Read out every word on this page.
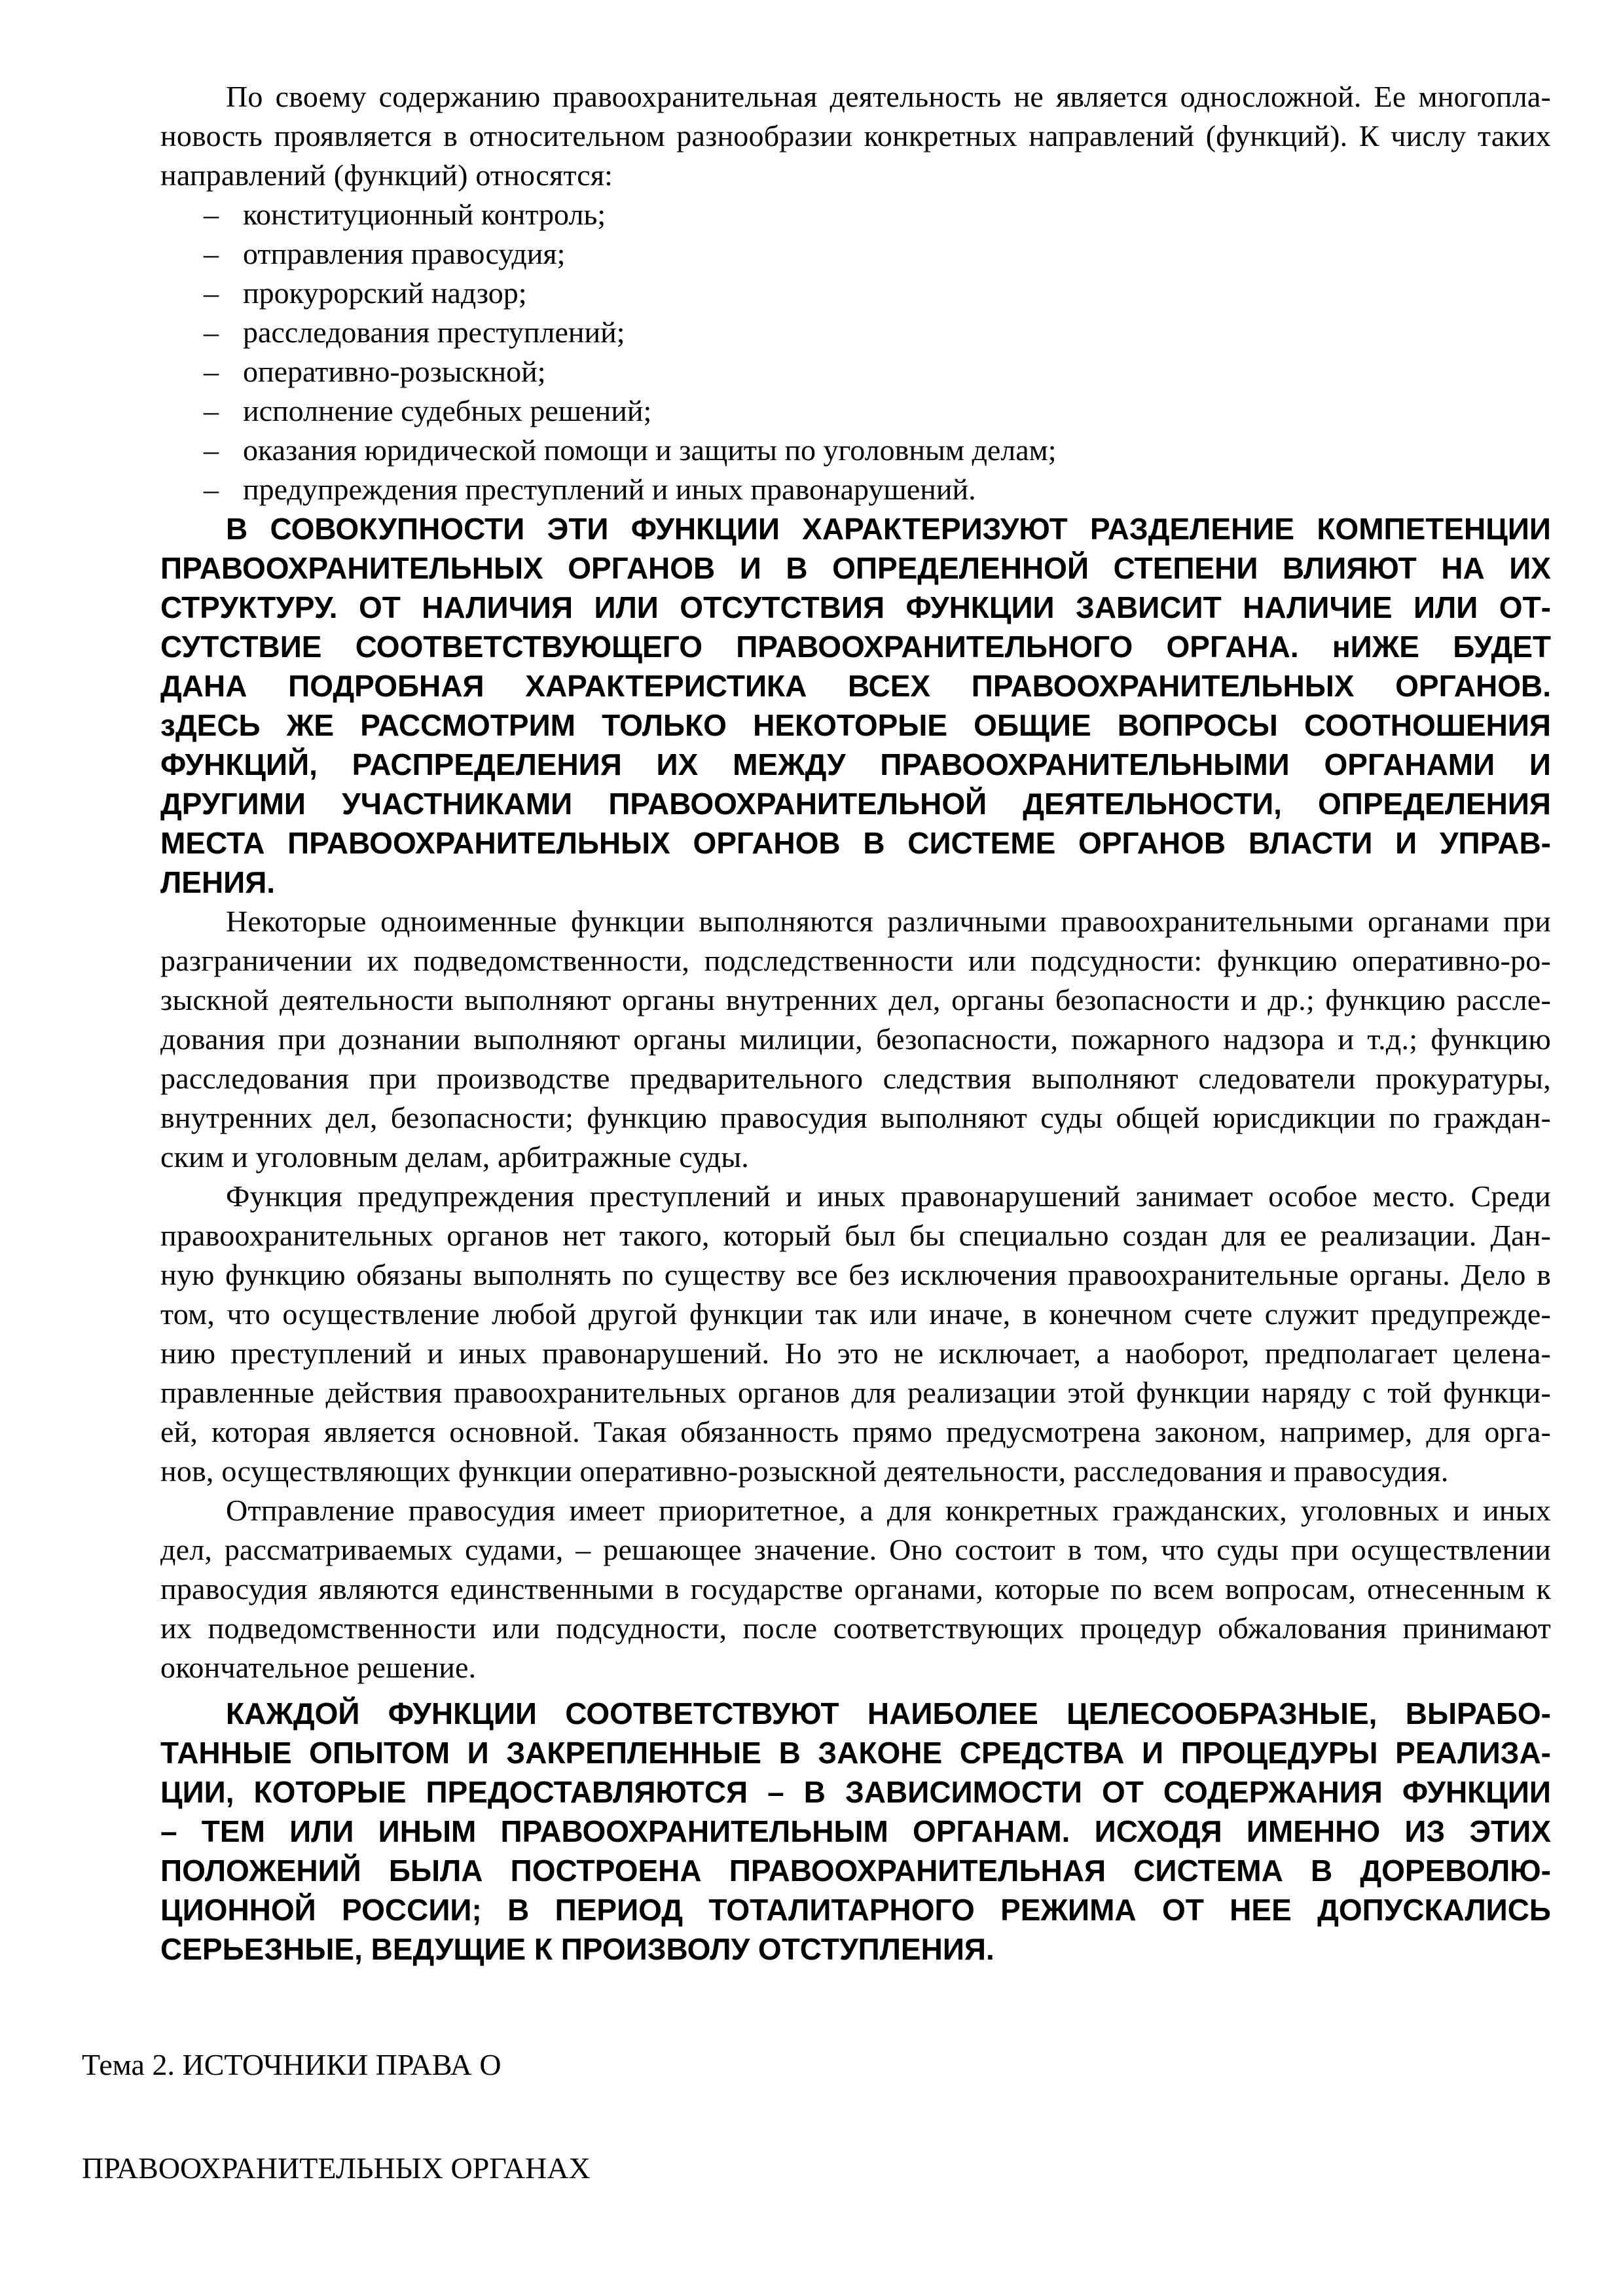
По своему содержанию правоохранительная деятельность не является односложной. Ее многопла-
новость проявляется в относительном разнообразии конкретных направлений (функций). К числу таких
направлений (функций) относятся:
– конституционный контроль;
– отправления правосудия;
– прокурорский надзор;
– расследования преступлений;
– оперативно-розыскной;
– исполнение судебных решений;
– оказания юридической помощи и защиты по уголовным делам;
– предупреждения преступлений и иных правонарушений.
В СОВОКУПНОСТИ ЭТИ ФУНКЦИИ ХАРАКТЕРИЗУЮТ РАЗДЕЛЕНИЕ КОМПЕТЕНЦИИ
ПРАВООХРАНИТЕЛЬНЫХ ОРГАНОВ И В ОПРЕДЕЛЕННОЙ СТЕПЕНИ ВЛИЯЮТ НА ИХ
СТРУКТУРУ. ОТ НАЛИЧИЯ ИЛИ ОТСУТСТВИЯ ФУНКЦИИ ЗАВИСИТ НАЛИЧИЕ ИЛИ ОТ-
СУТСТВИЕ СООТВЕТСТВУЮЩЕГО ПРАВООХРАНИТЕЛЬНОГО ОРГАНА. нИЖЕ БУДЕТ
ДАНА ПОДРОБНАЯ ХАРАКТЕРИСТИКА ВСЕХ ПРАВООХРАНИТЕЛЬНЫХ ОРГАНОВ.
зДЕСЬ ЖЕ РАССМОТРИМ ТОЛЬКО НЕКОТОРЫЕ ОБЩИЕ ВОПРОСЫ СООТНОШЕНИЯ
ФУНКЦИЙ, РАСПРЕДЕЛЕНИЯ ИХ МЕЖДУ ПРАВООХРАНИТЕЛЬНЫМИ ОРГАНАМИ И
ДРУГИМИ УЧАСТНИКАМИ ПРАВООХРАНИТЕЛЬНОЙ ДЕЯТЕЛЬНОСТИ, ОПРЕДЕЛЕНИЯ
МЕСТА ПРАВООХРАНИТЕЛЬНЫХ ОРГАНОВ В СИСТЕМЕ ОРГАНОВ ВЛАСТИ И УПРАВ-
ЛЕНИЯ.
Некоторые одноименные функции выполняются различными правоохранительными органами при
разграничении их подведомственности, подследственности или подсудности: функцию оперативно-ро-
зыскной деятельности выполняют органы внутренних дел, органы безопасности и др.; функцию рассле-
дования при дознании выполняют органы милиции, безопасности, пожарного надзора и т.д.; функцию
расследования при производстве предварительного следствия выполняют следователи прокуратуры,
внутренних дел, безопасности; функцию правосудия выполняют суды общей юрисдикции по граждан-
ским и уголовным делам, арбитражные суды.
Функция предупреждения преступлений и иных правонарушений занимает особое место. Среди
правоохранительных органов нет такого, который был бы специально создан для ее реализации. Дан-
ную функцию обязаны выполнять по существу все без исключения правоохранительные органы. Дело в
том, что осуществление любой другой функции так или иначе, в конечном счете служит предупрежде-
нию преступлений и иных правонарушений. Но это не исключает, а наоборот, предполагает целена-
правленные действия правоохранительных органов для реализации этой функции наряду с той функци-
ей, которая является основной. Такая обязанность прямо предусмотрена законом, например, для орга-
нов, осуществляющих функции оперативно-розыскной деятельности, расследования и правосудия.
Отправление правосудия имеет приоритетное, а для конкретных гражданских, уголовных и иных
дел, рассматриваемых судами, – решающее значение. Оно состоит в том, что суды при осуществлении
правосудия являются единственными в государстве органами, которые по всем вопросам, отнесенным к
их подведомственности или подсудности, после соответствующих процедур обжалования принимают
окончательное решение.
КАЖДОЙ ФУНКЦИИ СООТВЕТСТВУЮТ НАИБОЛЕЕ ЦЕЛЕСООБРАЗНЫЕ, ВЫРАБО-
ТАННЫЕ ОПЫТОМ И ЗАКРЕПЛЕННЫЕ В ЗАКОНЕ СРЕДСТВА И ПРОЦЕДУРЫ РЕАЛИЗА-
ЦИИ, КОТОРЫЕ ПРЕДОСТАВЛЯЮТСЯ – В ЗАВИСИМОСТИ ОТ СОДЕРЖАНИЯ ФУНКЦИИ
– ТЕМ ИЛИ ИНЫМ ПРАВООХРАНИТЕЛЬНЫМ ОРГАНАМ. ИСХОДЯ ИМЕННО ИЗ ЭТИХ
ПОЛОЖЕНИЙ БЫЛА ПОСТРОЕНА ПРАВООХРАНИТЕЛЬНАЯ СИСТЕМА В ДОРЕВОЛЮ-
ЦИОННОЙ РОССИИ; В ПЕРИОД ТОТАЛИТАРНОГО РЕЖИМА ОТ НЕЕ ДОПУСКАЛИСЬ
СЕРЬЕЗНЫЕ, ВЕДУЩИЕ К ПРОИЗВОЛУ ОТСТУПЛЕНИЯ.
Тема 2. ИСТОЧНИКИ ПРАВА О
ПРАВООХРАНИТЕЛЬНЫХ ОРГАНАХ
